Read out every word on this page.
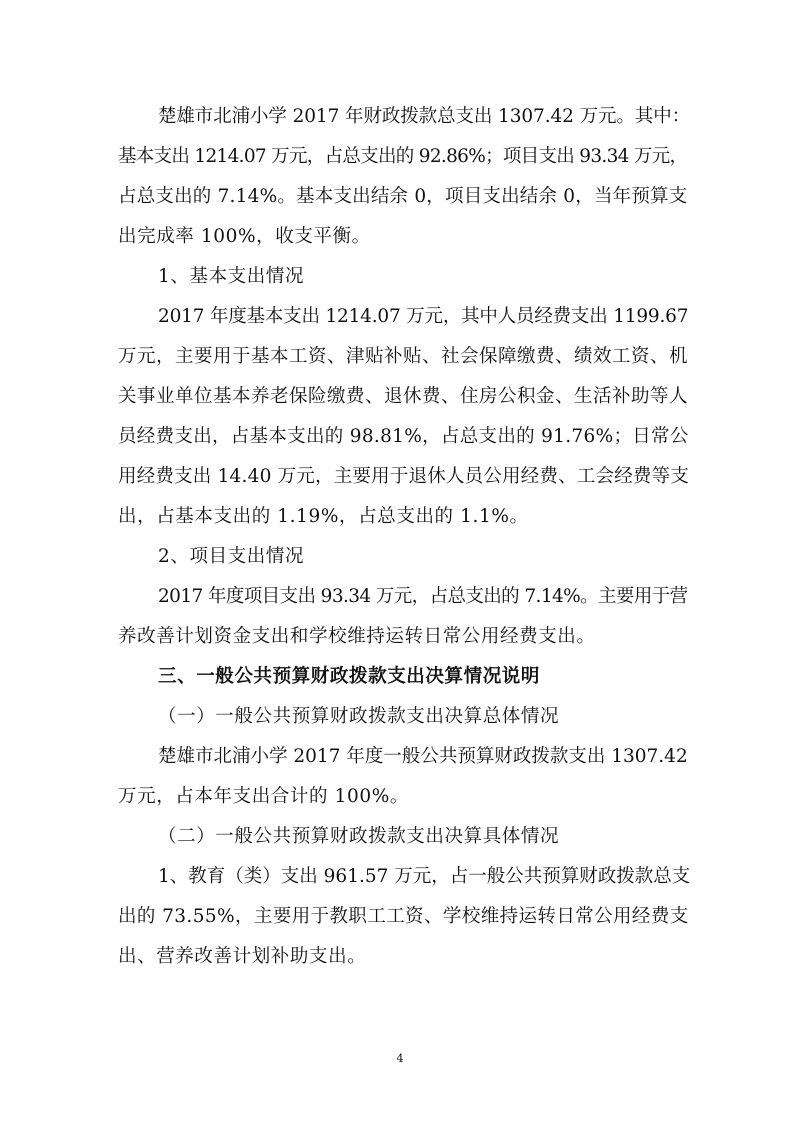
楚雄市北浦小学 2017 年财政拨款总支出 1307.42 万元。其中：
基本支出 1214.07 万元，占总支出的 92.86%；项目支出 93.34 万元，
占总支出的 7.14%。基本支出结余 0，项目支出结余 0，当年预算支
出完成率 100%，收支平衡。
1、基本支出情况
2017 年度基本支出 1214.07 万元，其中人员经费支出 1199.67
万元，主要用于基本工资、津贴补贴、社会保障缴费、绩效工资、机
关事业单位基本养老保险缴费、退休费、住房公积金、生活补助等人
员经费支出，占基本支出的 98.81%，占总支出的 91.76%；日常公
用经费支出 14.40 万元，主要用于退休人员公用经费、工会经费等支
出，占基本支出的 1.19%，占总支出的 1.1%。
2、项目支出情况
2017 年度项目支出 93.34 万元，占总支出的 7.14%。主要用于营
养改善计划资金支出和学校维持运转日常公用经费支出。
三、一般公共预算财政拨款支出决算情况说明
（一）一般公共预算财政拨款支出决算总体情况
楚雄市北浦小学 2017 年度一般公共预算财政拨款支出 1307.42
万元，占本年支出合计的 100%。
（二）一般公共预算财政拨款支出决算具体情况
1、教育（类）支出 961.57 万元，占一般公共预算财政拨款总支
出的 73.55%，主要用于教职工工资、学校维持运转日常公用经费支
出、营养改善计划补助支出。
4
